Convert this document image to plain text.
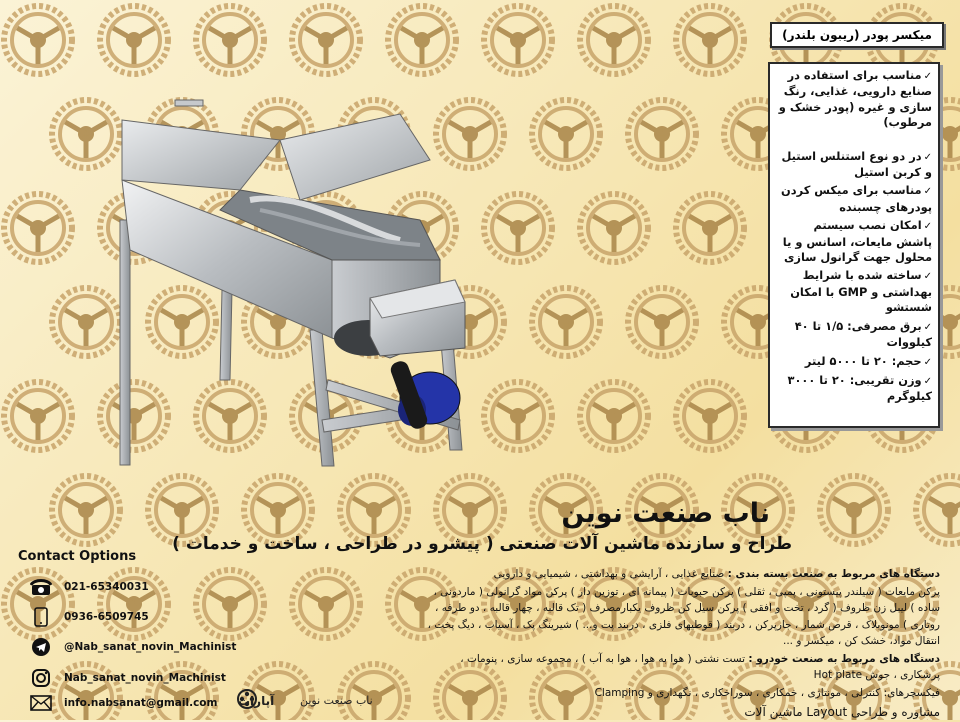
میکسر پودر (ریبون بلندر)
✓مناسب برای استفاده در صنایع دارویی، غذایی، رنگ سازی و غیره (پودر خشک و مرطوب)
✓در دو نوع استنلس استیل و کربن استیل
✓مناسب برای میکس کردن پودرهای چسبنده
✓امکان نصب سیستم پاشش مایعات، اسانس و یا محلول جهت گرانول سازی
✓ساخته شده با شرایط بهداشتی و GMP با امکان شستشو
✓برق مصرفی: ۱/۵ تا ۴۰ کیلووات
✓حجم: ۲۰ تا ۵۰۰۰ لیتر
✓وزن تقریبی: ۲۰ تا ۳۰۰۰ کیلوگرم
ناب صنعت نوین
طراح و سازنده ماشین آلات صنعتی ( پیشرو در طراحی ، ساخت و خدمات )

دستگاه های مربوط به صنعت بسته بندی : صنایع غذایی ، آرایشی و بهداشتی ، شیمیایی و دارویی

پرکن مایعات ( سیلندر پیستونی ، پمپی ، ثقلی ) پرکن حبوبات ( پیمانه ای ، توزین دار ) پرکن مواد گرانولی ( ماردونی ، ساده ) لیبل زن ظروف ( گرد ، تخت و افقی ) پرکن سیل کن ظروف یکبارمصرف ( تک قالبه ، چهار قالبه ، دو طرفه ، روتاری ) مونوبلاک ، قرص شمار ، جارپرکن ، دربند ( قوطیهای فلزی ، دربند پت و... ) شیرینگ پک ، آسیاب ، دیگ پخت ، انتقال مواد، خشک کن ، میکسر و ...

دستگاه های مربوط به صنعت خودرو : تست نشتی ( هوا به هوا ، هوا به آب ) ، مجموعه سازی ، پنومات ، پرشکاری ، جوش Hot plate

فیکسچرهای: کنترلی ، مونتاژی ، خمکاری ، سوراخکاری ، نگهداری و Clamping

مشاوره و طراحی Layout ماشین آلات

Contact Options
021-65340031
0936-6509745
@Nab_sanat_novin_Machinist
Nab_sanat_novin_Machinist
info.nabsanat@gmail.com آپارات ناب صنعت نوین
